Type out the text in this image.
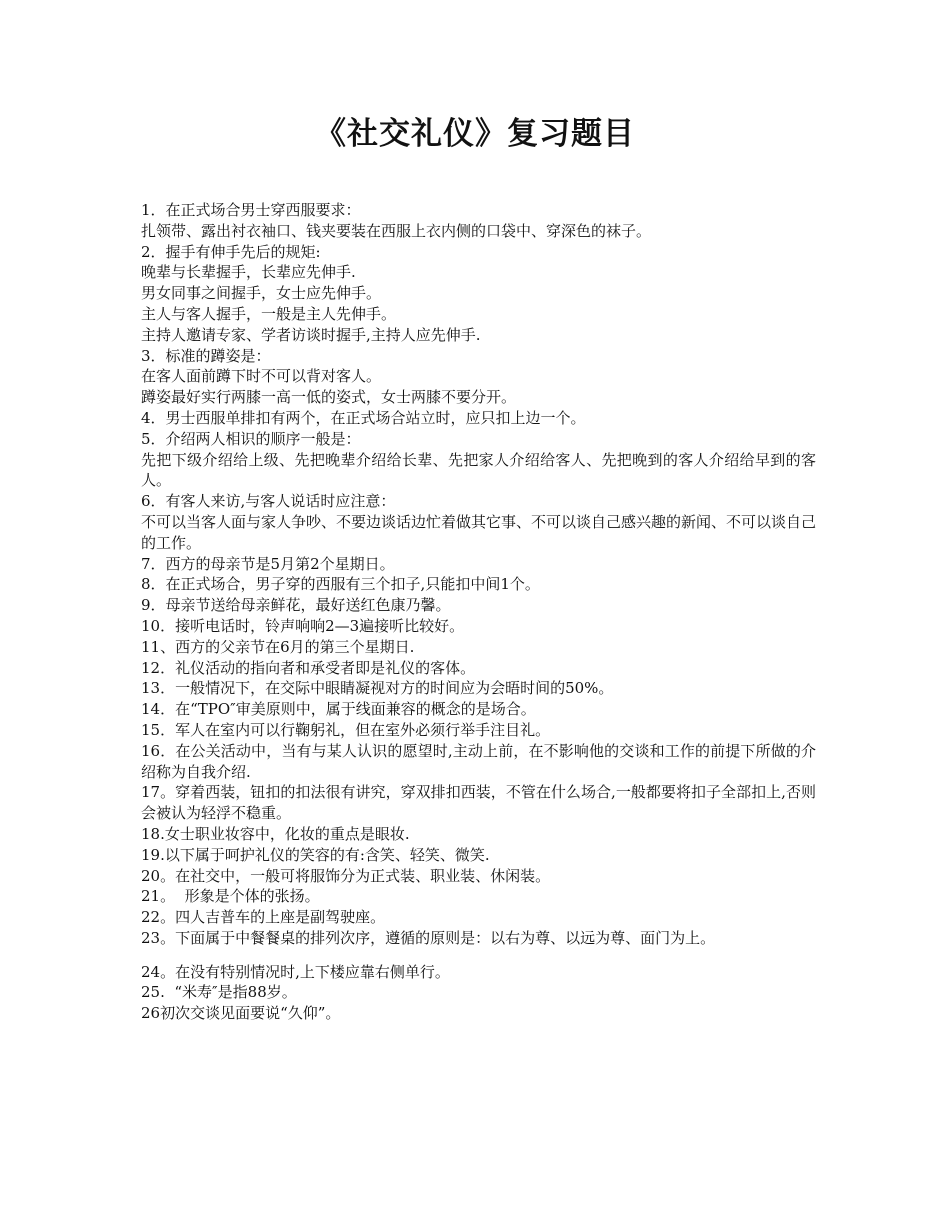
《社交礼仪》复习题目
1．在正式场合男士穿西服要求：
扎领带、露出衬衣袖口、钱夹要装在西服上衣内侧的口袋中、穿深色的袜子。
2．握手有伸手先后的规矩:
晚辈与长辈握手，长辈应先伸手.
男女同事之间握手，女士应先伸手。
主人与客人握手，一般是主人先伸手。
主持人邀请专家、学者访谈时握手,主持人应先伸手.
3．标准的蹲姿是：
在客人面前蹲下时不可以背对客人。
蹲姿最好实行两膝一高一低的姿式，女士两膝不要分开。
4．男士西服单排扣有两个，在正式场合站立时，应只扣上边一个。
5．介绍两人相识的顺序一般是：
先把下级介绍给上级、先把晚辈介绍给长辈、先把家人介绍给客人、先把晚到的客人介绍给早到的客人。
6．有客人来访,与客人说话时应注意：
不可以当客人面与家人争吵、不要边谈话边忙着做其它事、不可以谈自己感兴趣的新闻、不可以谈自己的工作。
7．西方的母亲节是5月第2个星期日。
8．在正式场合，男子穿的西服有三个扣子,只能扣中间1个。
9．母亲节送给母亲鲜花，最好送红色康乃馨。
10．接听电话时，铃声响响2—3遍接听比较好。
11、西方的父亲节在6月的第三个星期日.
12．礼仪活动的指向者和承受者即是礼仪的客体。
13．一般情况下，在交际中眼睛凝视对方的时间应为会晤时间的50%。
14．在“TPO″审美原则中，属于线面兼容的概念的是场合。
15．军人在室内可以行鞠躬礼，但在室外必须行举手注目礼。
16．在公关活动中，当有与某人认识的愿望时,主动上前，在不影响他的交谈和工作的前提下所做的介绍称为自我介绍.
17。穿着西装，钮扣的扣法很有讲究，穿双排扣西装，不管在什么场合,一般都要将扣子全部扣上,否则会被认为轻浮不稳重。
18.女士职业妆容中，化妆的重点是眼妆.
19.以下属于呵护礼仪的笑容的有:含笑、轻笑、微笑.
20。在社交中，一般可将服饰分为正式装、职业装、休闲装。
21。  形象是个体的张扬。
22。四人吉普车的上座是副驾驶座。
23。下面属于中餐餐桌的排列次序，遵循的原则是：以右为尊、以远为尊、面门为上。
24。在没有特别情况时,上下楼应靠右侧单行。
25.  “米寿″是指88岁。
26初次交谈见面要说“久仰”。
